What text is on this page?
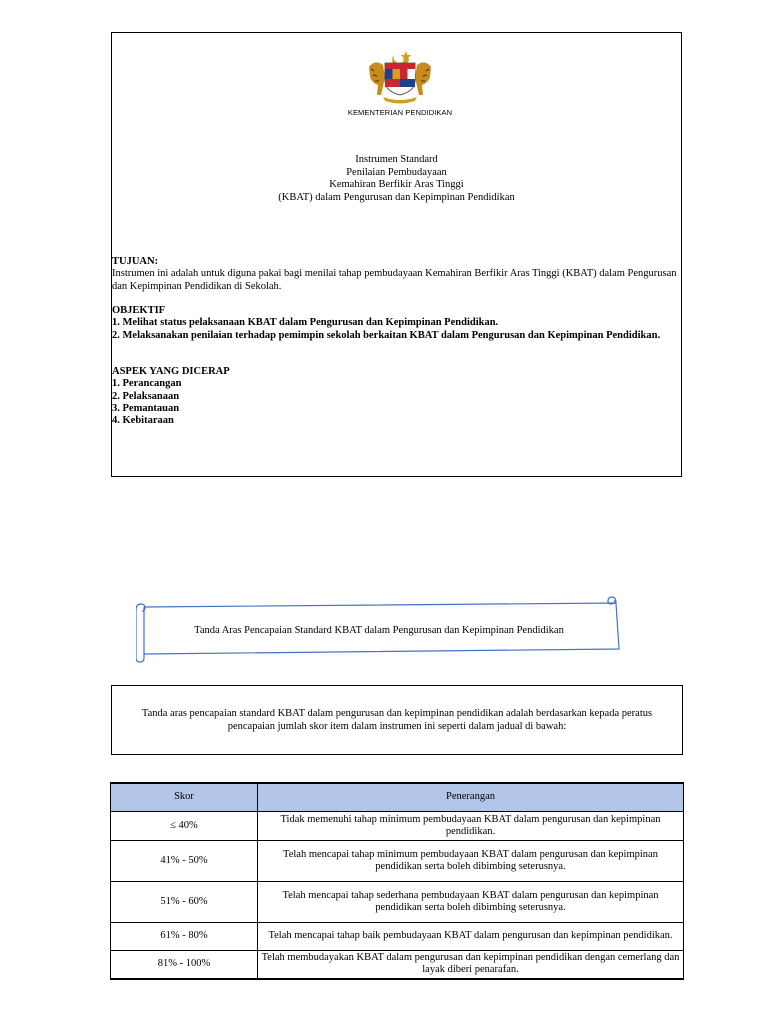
KEMENTERIAN PENDIDIKAN
Instrumen Standard
Penilaian Pembudayaan
Kemahiran Berfikir Aras Tinggi
(KBAT) dalam Pengurusan dan Kepimpinan Pendidikan
TUJUAN:
Instrumen ini adalah untuk diguna pakai bagi menilai tahap pembudayaan Kemahiran Berfikir Aras Tinggi (KBAT) dalam Pengurusan dan Kepimpinan Pendidikan di Sekolah.
OBJEKTIF
1. Melihat status pelaksanaan KBAT dalam Pengurusan dan Kepimpinan Pendidikan.
2. Melaksanakan penilaian terhadap pemimpin sekolah berkaitan KBAT dalam Pengurusan dan Kepimpinan Pendidikan.
ASPEK YANG DICERAP
1. Perancangan
2. Pelaksanaan
3. Pemantauan
4. Kebitaraan
Tanda Aras Pencapaian Standard KBAT dalam Pengurusan dan Kepimpinan Pendidikan
Tanda aras pencapaian standard KBAT dalam pengurusan dan kepimpinan pendidikan adalah berdasarkan kepada peratus pencapaian jumlah skor item dalam instrumen ini seperti dalam jadual di bawah:
Skor	Penerangan
≤ 40%	Tidak memenuhi tahap minimum pembudayaan KBAT dalam pengurusan dan kepimpinan pendidikan.
41% - 50%	Telah mencapai tahap minimum pembudayaan KBAT dalam pengurusan dan kepimpinan pendidikan serta boleh dibimbing seterusnya.
51% - 60%	Telah mencapai tahap sederhana pembudayaan KBAT dalam pengurusan dan kepimpinan pendidikan serta boleh dibimbing seterusnya.
61% - 80%	Telah mencapai tahap baik pembudayaan KBAT dalam pengurusan dan kepimpinan pendidikan.
81% - 100%	Telah membudayakan KBAT dalam pengurusan dan kepimpinan pendidikan dengan cemerlang dan layak diberi penarafan.
